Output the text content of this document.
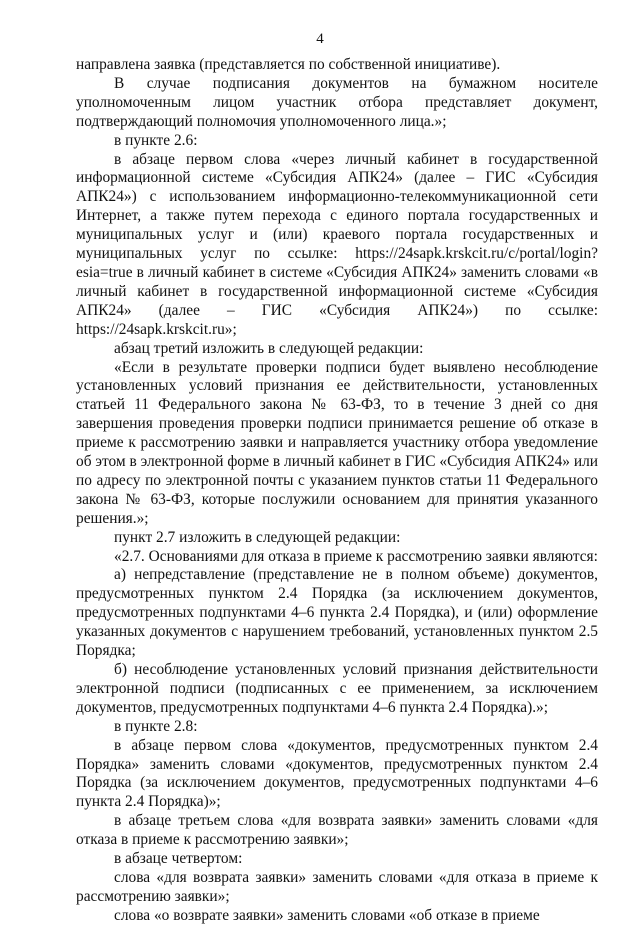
4

направлена заявка (представляется по собственной инициативе).

В случае подписания документов на бумажном носителе уполномоченным лицом участник отбора представляет документ, подтверждающий полномочия уполномоченного лица.»;

в пункте 2.6:

в абзаце первом слова «через личный кабинет в государственной информационной системе «Субсидия АПК24» (далее – ГИС «Субсидия АПК24») с использованием информационно-телекоммуникационной сети Интернет, а также путем перехода с единого портала государственных и муниципальных услуг и (или) краевого портала государственных и муниципальных услуг по ссылке: https://24sapk.krskcit.ru/c/portal/login?esia=true в личный кабинет в системе «Субсидия АПК24» заменить словами «в личный кабинет в государственной информационной системе «Субсидия АПК24» (далее – ГИС «Субсидия АПК24») по ссылке: https://24sapk.krskcit.ru»;

абзац третий изложить в следующей редакции:

«Если в результате проверки подписи будет выявлено несоблюдение установленных условий признания ее действительности, установленных статьей 11 Федерального закона № 63-ФЗ, то в течение 3 дней со дня завершения проведения проверки подписи принимается решение об отказе в приеме к рассмотрению заявки и направляется участнику отбора уведомление об этом в электронной форме в личный кабинет в ГИС «Субсидия АПК24» или по адресу по электронной почты с указанием пунктов статьи 11 Федерального закона № 63-ФЗ, которые послужили основанием для принятия указанного решения.»;

пункт 2.7 изложить в следующей редакции:

«2.7. Основаниями для отказа в приеме к рассмотрению заявки являются:

а) непредставление (представление не в полном объеме) документов, предусмотренных пунктом 2.4 Порядка (за исключением документов, предусмотренных подпунктами 4–6 пункта 2.4 Порядка), и (или) оформление указанных документов с нарушением требований, установленных пунктом 2.5 Порядка;

б) несоблюдение установленных условий признания действительности электронной подписи (подписанных с ее применением, за исключением документов, предусмотренных подпунктами 4–6 пункта 2.4 Порядка).»;

в пункте 2.8:

в абзаце первом слова «документов, предусмотренных пунктом 2.4 Порядка» заменить словами «документов, предусмотренных пунктом 2.4 Порядка (за исключением документов, предусмотренных подпунктами 4–6 пункта 2.4 Порядка)»;

в абзаце третьем слова «для возврата заявки» заменить словами «для отказа в приеме к рассмотрению заявки»;

в абзаце четвертом:

слова «для возврата заявки» заменить словами «для отказа в приеме к рассмотрению заявки»;

слова «о возврате заявки» заменить словами «об отказе в приеме
